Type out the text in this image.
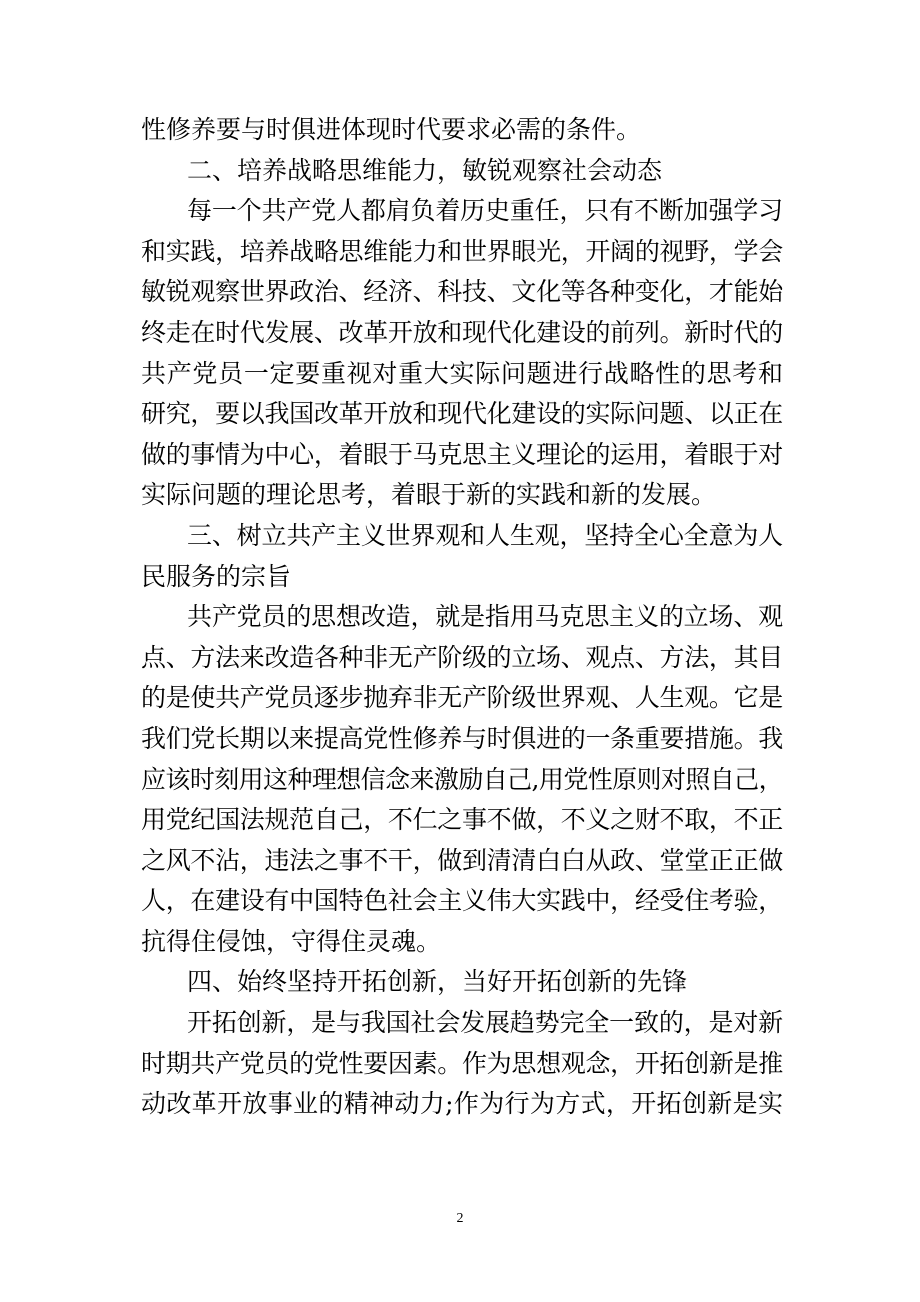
性修养要与时俱进体现时代要求必需的条件。
二、培养战略思维能力，敏锐观察社会动态
每一个共产党人都肩负着历史重任，只有不断加强学习
和实践，培养战略思维能力和世界眼光，开阔的视野，学会
敏锐观察世界政治、经济、科技、文化等各种变化，才能始
终走在时代发展、改革开放和现代化建设的前列。新时代的
共产党员一定要重视对重大实际问题进行战略性的思考和
研究，要以我国改革开放和现代化建设的实际问题、以正在
做的事情为中心，着眼于马克思主义理论的运用，着眼于对
实际问题的理论思考，着眼于新的实践和新的发展。
三、树立共产主义世界观和人生观，坚持全心全意为人
民服务的宗旨
共产党员的思想改造，就是指用马克思主义的立场、观
点、方法来改造各种非无产阶级的立场、观点、方法，其目
的是使共产党员逐步抛弃非无产阶级世界观、人生观。它是
我们党长期以来提高党性修养与时俱进的一条重要措施。我
应该时刻用这种理想信念来激励自己,用党性原则对照自己，
用党纪国法规范自己，不仁之事不做，不义之财不取，不正
之风不沾，违法之事不干，做到清清白白从政、堂堂正正做
人，在建设有中国特色社会主义伟大实践中，经受住考验，
抗得住侵蚀，守得住灵魂。
四、始终坚持开拓创新，当好开拓创新的先锋
开拓创新，是与我国社会发展趋势完全一致的，是对新
时期共产党员的党性要因素。作为思想观念，开拓创新是推
动改革开放事业的精神动力;作为行为方式，开拓创新是实
2
